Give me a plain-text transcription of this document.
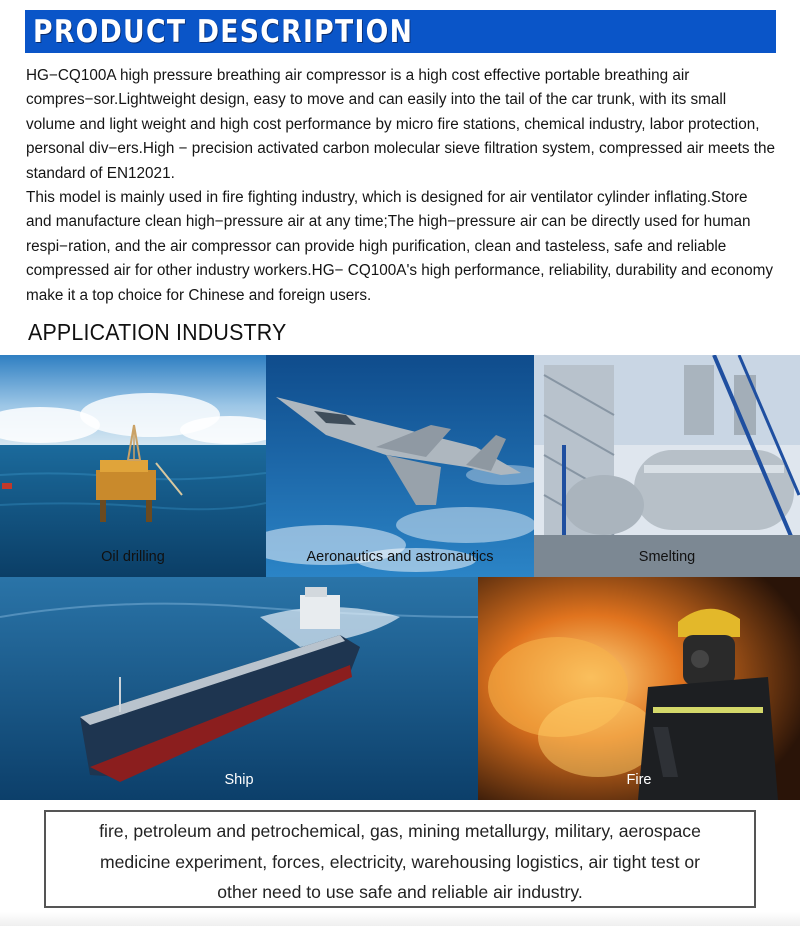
PRODUCT DESCRIPTION

HG−CQ100A high pressure breathing air compressor is a high cost effective portable breathing air compres−sor.Lightweight design, easy to move and can easily into the tail of the car trunk, with its small volume and light weight and high cost performance by micro fire stations, chemical industry, labor protection, personal div−ers.High − precision activated carbon molecular sieve filtration system, compressed air meets the standard of EN12021.

This model is mainly used in fire fighting industry, which is designed for air ventilator cylinder inflating.Store and manufacture clean high−pressure air at any time;The high−pressure air can be directly used for human respi−ration, and the air compressor can provide high purification, clean and tasteless, safe and reliable compressed air for other industry workers.HG− CQ100A's high performance, reliability, durability and economy make it a top choice for Chinese and foreign users.

APPLICATION INDUSTRY
Oil drilling	Aeronautics and astronautics	Smelting
Ship	Fire

fire, petroleum and petrochemical, gas, mining metallurgy, military, aerospace
medicine experiment, forces, electricity, warehousing logistics, air tight test or
other need to use safe and reliable air industry.
